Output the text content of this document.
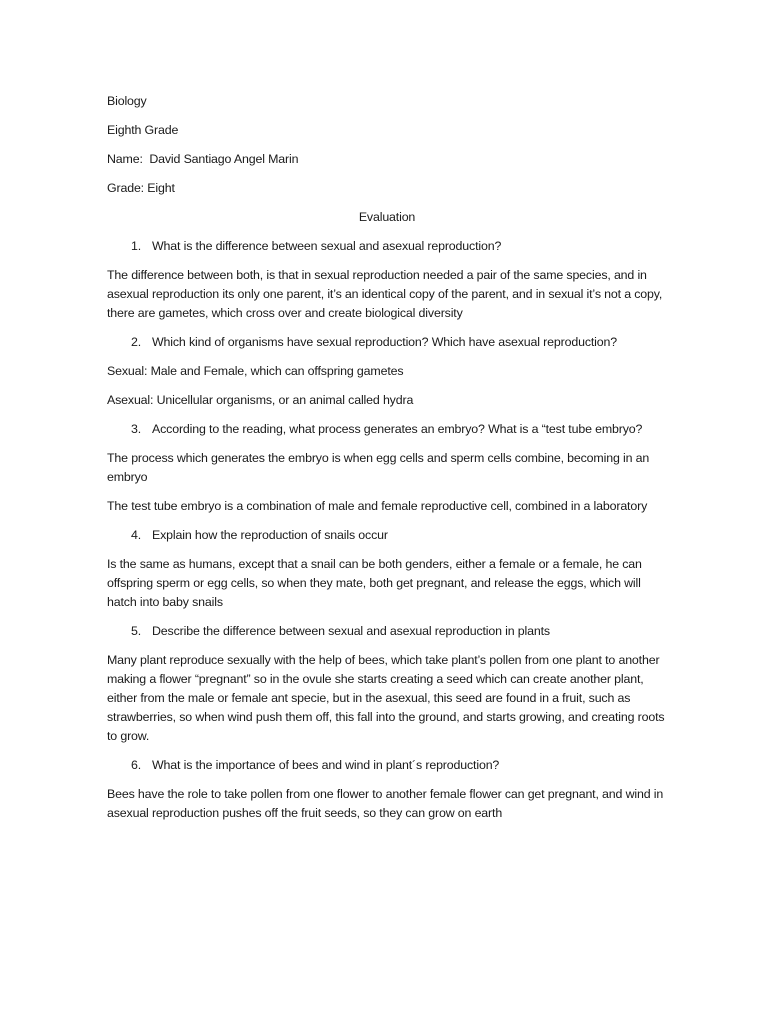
Biology

Eighth Grade

Name: David Santiago Angel Marin

Grade: Eight

Evaluation

1. What is the difference between sexual and asexual reproduction?

The difference between both, is that in sexual reproduction needed a pair of the same species, and in asexual reproduction its only one parent, it’s an identical copy of the parent, and in sexual it’s not a copy, there are gametes, which cross over and create biological diversity

2. Which kind of organisms have sexual reproduction? Which have asexual reproduction?

Sexual: Male and Female, which can offspring gametes

Asexual: Unicellular organisms, or an animal called hydra

3. According to the reading, what process generates an embryo? What is a “test tube embryo?

The process which generates the embryo is when egg cells and sperm cells combine, becoming in an embryo

The test tube embryo is a combination of male and female reproductive cell, combined in a laboratory

4. Explain how the reproduction of snails occur

Is the same as humans, except that a snail can be both genders, either a female or a female, he can offspring sperm or egg cells, so when they mate, both get pregnant, and release the eggs, which will hatch into baby snails

5. Describe the difference between sexual and asexual reproduction in plants

Many plant reproduce sexually with the help of bees, which take plant’s pollen from one plant to another making a flower “pregnant” so in the ovule she starts creating a seed which can create another plant, either from the male or female ant specie, but in the asexual, this seed are found in a fruit, such as strawberries, so when wind push them off, this fall into the ground, and starts growing, and creating roots to grow.

6. What is the importance of bees and wind in plant´s reproduction?

Bees have the role to take pollen from one flower to another female flower can get pregnant, and wind in asexual reproduction pushes off the fruit seeds, so they can grow on earth
